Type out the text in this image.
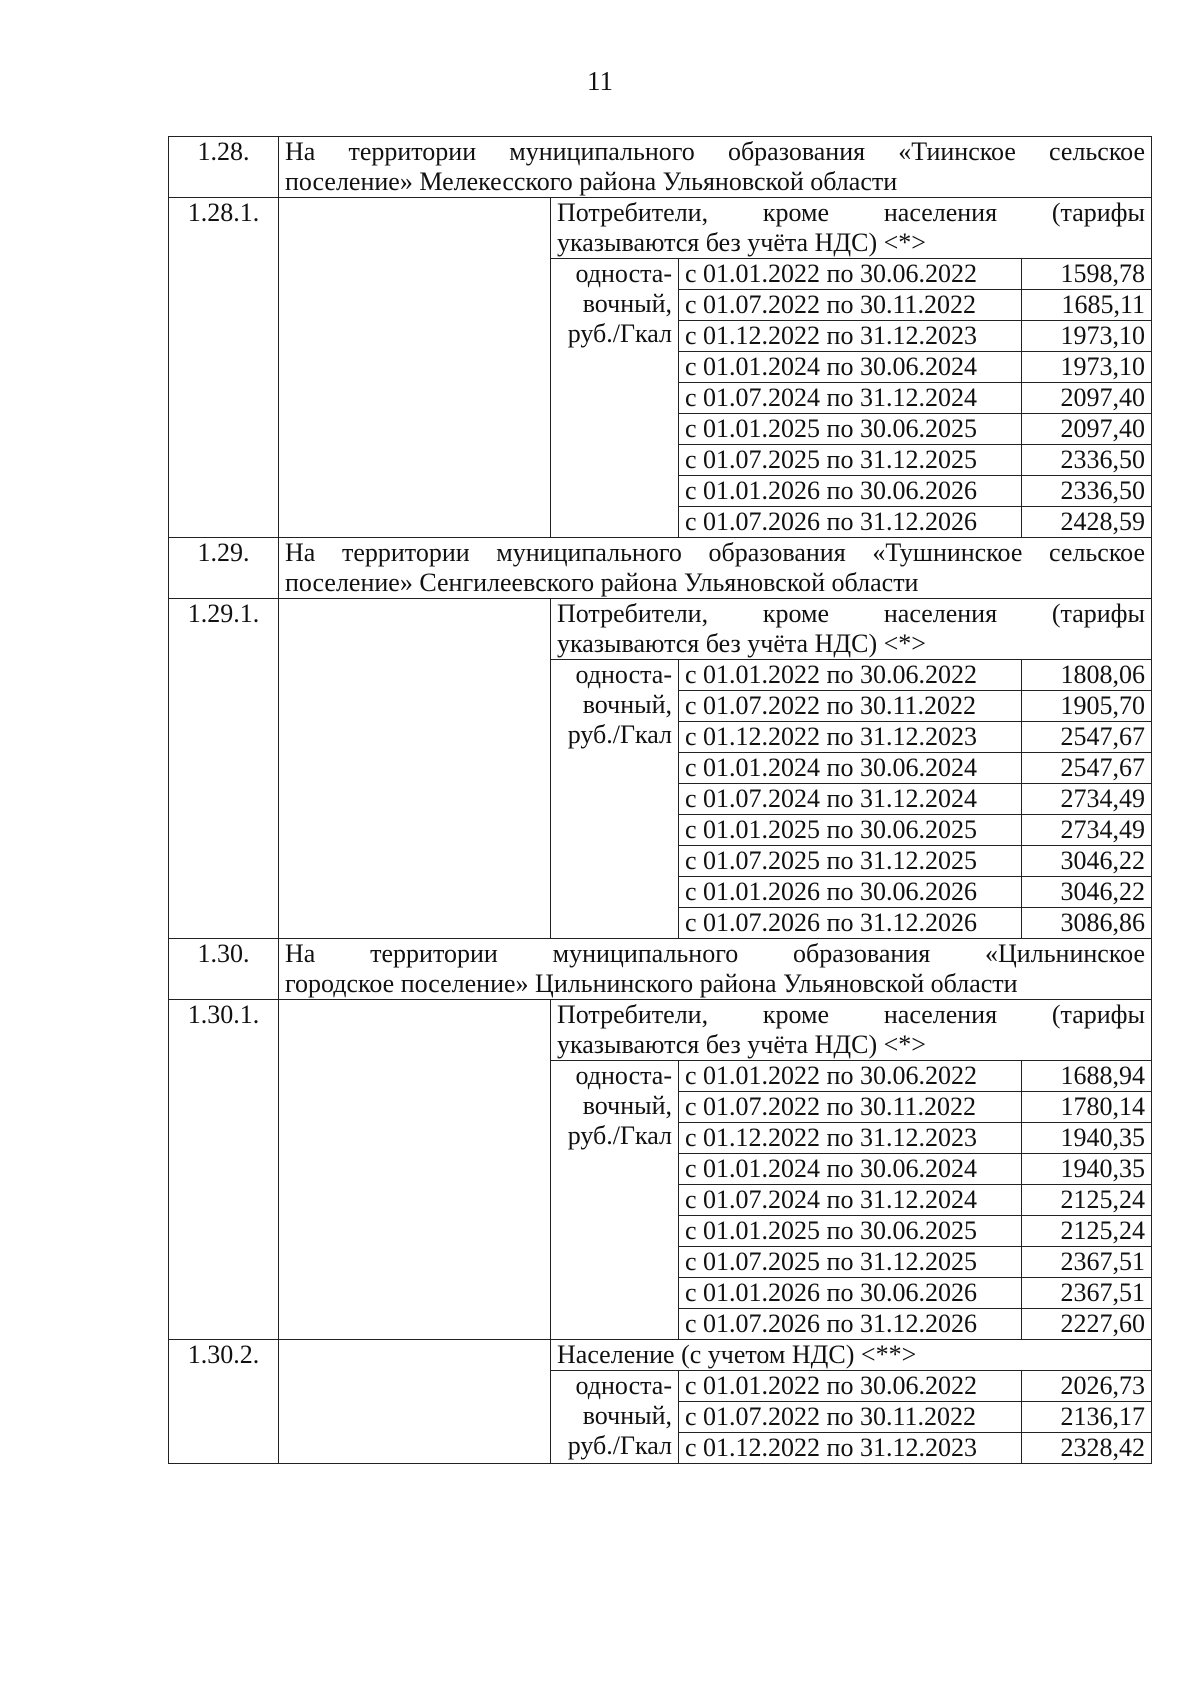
11
1.28.	На территории муниципального образования «Тиинское сельское
поселение» Мелекесского района Ульяновской области			

1.28.1.		Потребители, кроме населения (тарифы
указываются без учёта НДС) <*>		

		односта-
вочный,
руб./Гкал	с 01.01.2022 по 30.06.2022	1598,78
			с 01.07.2022 по 30.11.2022	1685,11
			с 01.12.2022 по 31.12.2023	1973,10
			с 01.01.2024 по 30.06.2024	1973,10
			с 01.07.2024 по 31.12.2024	2097,40
			с 01.01.2025 по 30.06.2025	2097,40
			с 01.07.2025 по 31.12.2025	2336,50
			с 01.01.2026 по 30.06.2026	2336,50
			с 01.07.2026 по 31.12.2026	2428,59
1.29.	На территории муниципального образования «Тушнинское сельское
поселение» Сенгилеевского района Ульяновской области			

1.29.1.		Потребители, кроме населения (тарифы
указываются без учёта НДС) <*>		

		односта-
вочный,
руб./Гкал	с 01.01.2022 по 30.06.2022	1808,06
			с 01.07.2022 по 30.11.2022	1905,70
			с 01.12.2022 по 31.12.2023	2547,67
			с 01.01.2024 по 30.06.2024	2547,67
			с 01.07.2024 по 31.12.2024	2734,49
			с 01.01.2025 по 30.06.2025	2734,49
			с 01.07.2025 по 31.12.2025	3046,22
			с 01.01.2026 по 30.06.2026	3046,22
			с 01.07.2026 по 31.12.2026	3086,86
1.30.	На территории муниципального образования «Цильнинское
городское поселение» Цильнинского района Ульяновской области			

1.30.1.		Потребители, кроме населения (тарифы
указываются без учёта НДС) <*>		

		односта-
вочный,
руб./Гкал	с 01.01.2022 по 30.06.2022	1688,94
			с 01.07.2022 по 30.11.2022	1780,14
			с 01.12.2022 по 31.12.2023	1940,35
			с 01.01.2024 по 30.06.2024	1940,35
			с 01.07.2024 по 31.12.2024	2125,24
			с 01.01.2025 по 30.06.2025	2125,24
			с 01.07.2025 по 31.12.2025	2367,51
			с 01.01.2026 по 30.06.2026	2367,51
			с 01.07.2026 по 31.12.2026	2227,60
1.30.2.		Население (с учетом НДС) <**>		

		односта-
вочный,
руб./Гкал	с 01.01.2022 по 30.06.2022	2026,73
			с 01.07.2022 по 30.11.2022	2136,17
			с 01.12.2022 по 31.12.2023	2328,42
